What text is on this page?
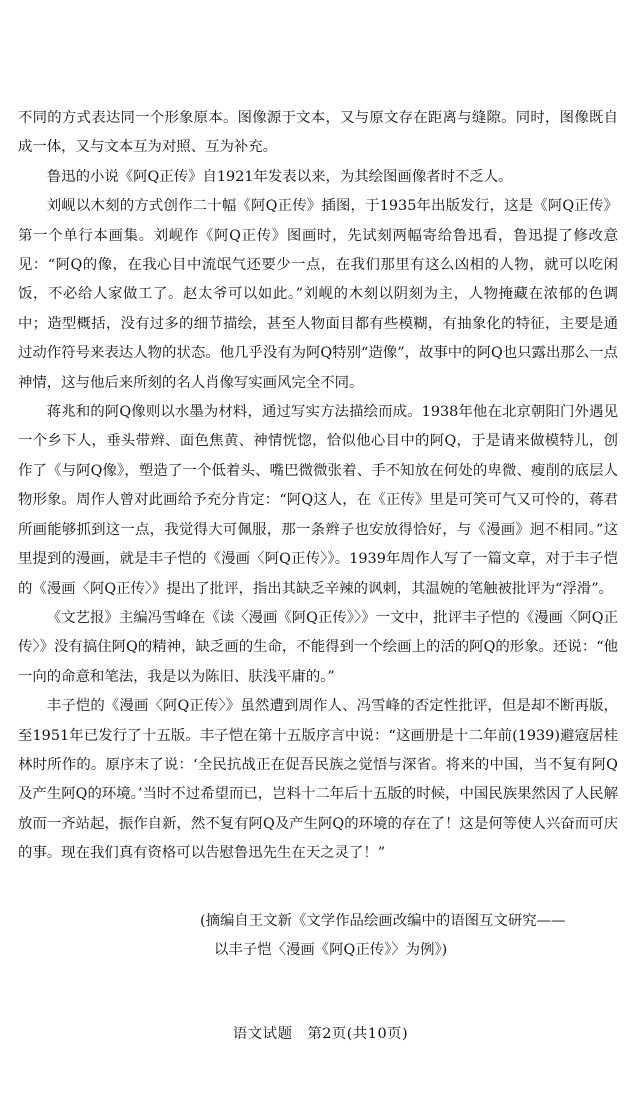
不同的方式表达同一个形象原本。图像源于文本，又与原文存在距离与缝隙。同时，图像既自成一体，又与文本互为对照、互为补充。

鲁迅的小说《阿Q正传》自1921年发表以来，为其绘图画像者时不乏人。

刘岘以木刻的方式创作二十幅《阿Q正传》插图，于1935年出版发行，这是《阿Q正传》第一个单行本画集。刘岘作《阿Q正传》图画时，先试刻两幅寄给鲁迅看，鲁迅提了修改意见：“阿Q的像，在我心目中流氓气还要少一点，在我们那里有这么凶相的人物，就可以吃闲饭，不必给人家做工了。赵太爷可以如此。”刘岘的木刻以阴刻为主，人物掩藏在浓郁的色调中；造型概括，没有过多的细节描绘，甚至人物面目都有些模糊，有抽象化的特征，主要是通过动作符号来表达人物的状态。他几乎没有为阿Q特别“造像”，故事中的阿Q也只露出那么一点神情，这与他后来所刻的名人肖像写实画风完全不同。

蒋兆和的阿Q像则以水墨为材料，通过写实方法描绘而成。1938年他在北京朝阳门外遇见一个乡下人，垂头带辫、面色焦黄、神情恍惚，恰似他心目中的阿Q，于是请来做模特儿，创作了《与阿Q像》，塑造了一个低着头、嘴巴微微张着、手不知放在何处的卑微、瘦削的底层人物形象。周作人曾对此画给予充分肯定：“阿Q这人，在《正传》里是可笑可气又可怜的，蒋君所画能够抓到这一点，我觉得大可佩服，那一条辫子也安放得恰好，与《漫画》迥不相同。”这里提到的漫画，就是丰子恺的《漫画〈阿Q正传〉》。1939年周作人写了一篇文章，对于丰子恺的《漫画〈阿Q正传〉》提出了批评，指出其缺乏辛辣的讽刺，其温婉的笔触被批评为“浮滑”。

《文艺报》主编冯雪峰在《读〈漫画《阿Q正传》〉》一文中，批评丰子恺的《漫画〈阿Q正传〉》没有搞住阿Q的精神，缺乏画的生命，不能得到一个绘画上的活的阿Q的形象。还说：“他一向的命意和笔法，我是以为陈旧、肤浅平庸的。”

丰子恺的《漫画〈阿Q正传〉》虽然遭到周作人、冯雪峰的否定性批评，但是却不断再版，至1951年已发行了十五版。丰子恺在第十五版序言中说：“这画册是十二年前(1939)避寇居桂林时所作的。原序末了说：‘全民抗战正在促吾民族之觉悟与深省。将来的中国，当不复有阿Q及产生阿Q的环境。’当时不过希望而已，岂料十二年后十五版的时候，中国民族果然因了人民解放而一齐站起，振作自新，然不复有阿Q及产生阿Q的环境的存在了！这是何等使人兴奋而可庆的事。现在我们真有资格可以告慰鲁迅先生在天之灵了！”

(摘编自王文新《文学作品绘画改编中的语图互文研究——
以丰子恺〈漫画《阿Q正传》〉为例》)
语文试题　第2页(共10页)
